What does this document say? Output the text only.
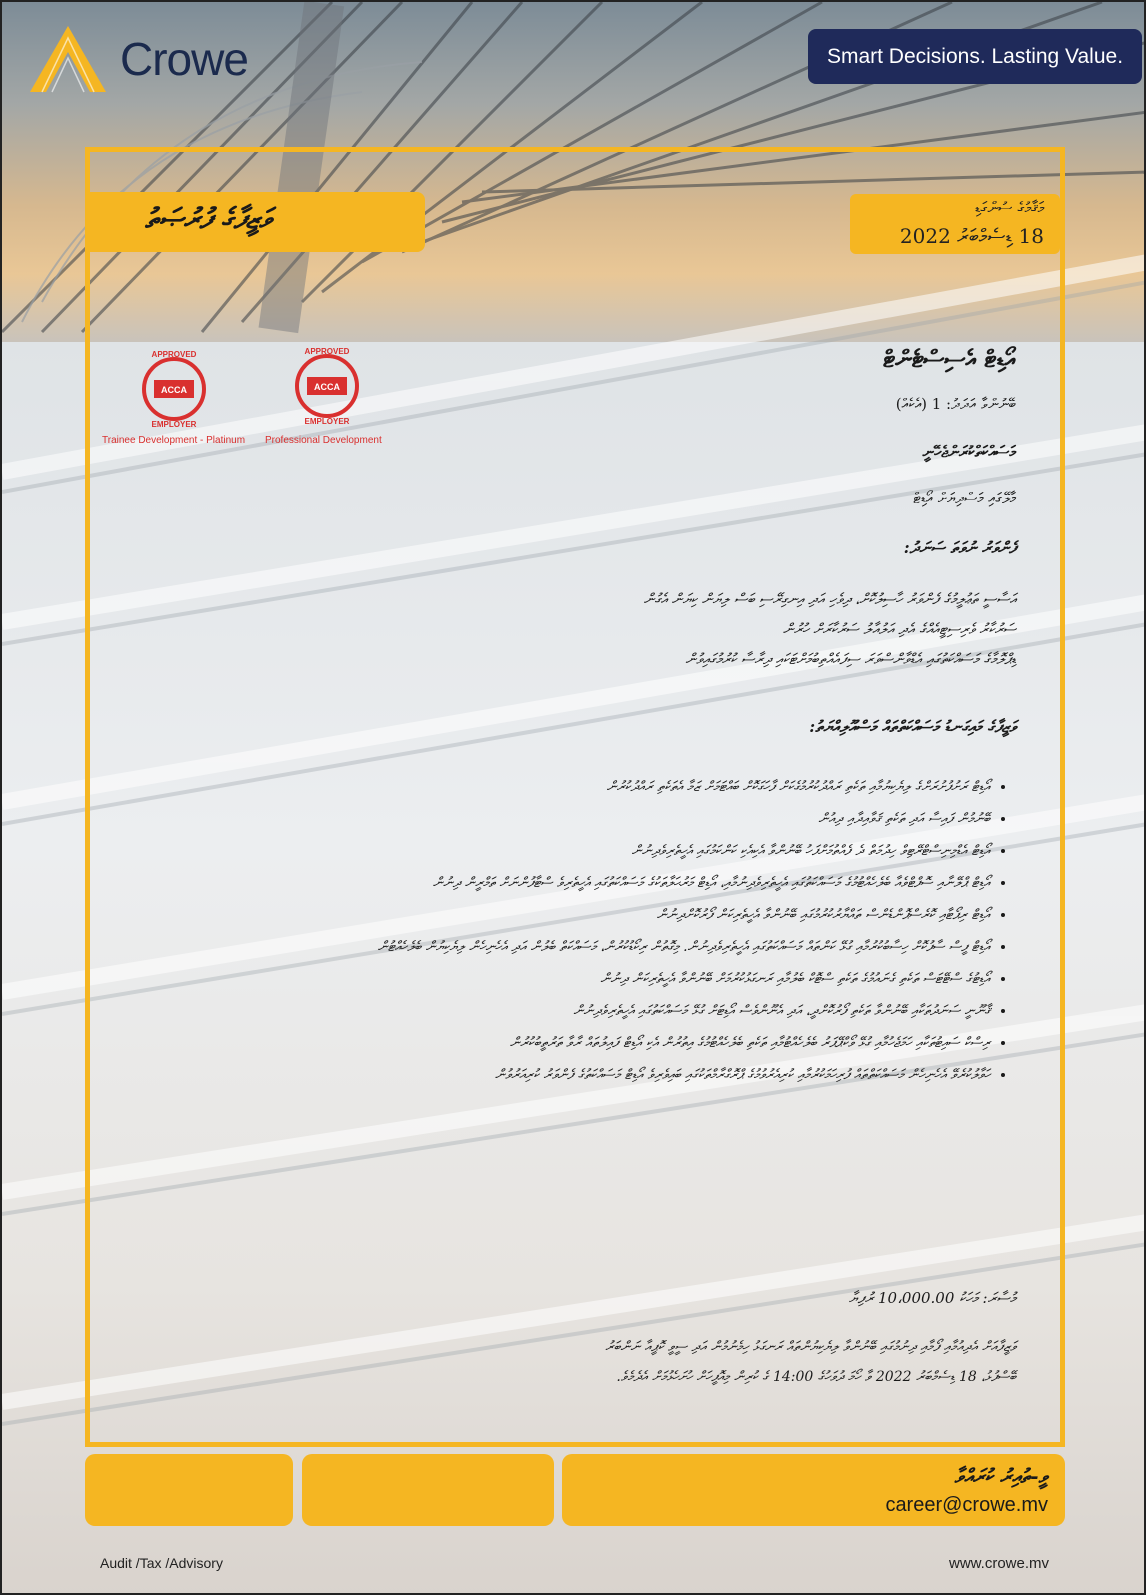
Crowe	Smart Decisions. Lasting Value.
ވަޒީފާގެ ފުރުޞަތު	މަޤާމުގެ ސުންގަޑި
18 ޑިސެމްބަރު 2022
ACCA
APPROVED
EMPLOYER
Trainee Development - Platinum
ACCA
APPROVED
EMPLOYER
Professional Development
އޯޑިޓް އެސިސްޓެންޓް
ބޭނުންވާ އަދަދު: 1 (އެކެއް)
މަސައްކަތްކުރަންޖެހޭނީ
މާލޭގައި މަސްދިޔަށް އޯޑިޓް
ފެންވަރު ނުވަތަ ސަނަދު:
އަސާސީ ތަޢުލީމުގެ ފެންވަރު ހާސިލުކޮށް، ދިވެހި އަދި އިނގިރޭސި ބަސް ލިޔަން ކިޔަން އެގުން
ސަރުކާރު ވެރިސިޓީއެއްގެ އެދި އަލުއާލު ސަރުކާރަށް ހުރުން
ޑިޕްލޮމާގެ މަސައްކަތުގައި އެޑްވާންސްވަރަ ސިފައެއްތިބުމަށްޓަކައި ދިރާސާ ކުރުމުގައިވުން
ވަޒީފާގެ މައިގަނޑު މަސައްކަތްތައް މަސްއޫލިއްޔަތު:
• އޯޑިޓް ރަށުފުށުރަށްގެ ލިޔެކިޔުމާއި ތަކެތި ރައްދުކުރުމުގެކަށް ފާހަގަކޮށް ބައްޓަމަށް ޒަމާ އެތަކެތި ރައްދުކުރުން
• ބޭނުމުން ފައިސާ އަދި ތަކެތި ޤަވާއިދާއި ދިއުން
• އޯޑިޓް އެޑްމިނިސްޓްރޭޓިވް ހިދުމަތް ދެ ފެއްތުމަށްފަހު ބޭނުންވާ އެކިއެކި ކަންކަމުގައި އެހީތެރިވެދިނުން
• އޯޑިޓް ޕްލޭނާއި ސޮފްޓްވެއާ ބެލެހެއްޓުމުގެ މަސައްކަތުގައި އެހީތެރިވެދިނުމާއި، އޯޑިޓް މަރުޙަލާތަކުގެ މަސައްކަތުގައި އެހީތެރިވެ ސްޓާފުންނަށް ތަމްރީން ދިނުން
• އޯޑިޓް ރިޕޯޓާއި ކޮރެސްޕޮންޑެންސް ތައްޔާރުކުރުމުގައި ބޭނުންވާ އެހީތެރިކަން ފޯރުކޮށްދިނުން
• އޯޑިޓް ފީސް ސާފުކޮށް ހިސާބުކުރުމާއި ގުޅޭ ކަންތައް މަސައްކަތުގައި އެހީތެރިވެދިނުން. މިގޮތުން ރިކޯޑުކުރުން، މަސައްކަތް ބެލުން އަދި އެހެނިހެން ލިޔެކިޔުން ބެލެހެއްޓުން
• އޯޑިޓުގެ ސްޓޭޓަސް ތަކެތި ގެނައުމުގެ ތަކެތި ސްޓޮކް ބެލުމާއި ރަނގަޅުކުރުމަށް ބޭނުންވާ އެހީތެރިކަން ދިނުން
• ޤާނޫނީ ސަނަދުތަކާއި ބޭނުންވާ ތަކެތި ފޯރުކޮށްދީ، އަދި އެނޫންވެސް އޯޑިޓަށް ގުޅޭ މަސައްކަތުގައި އެހީތެރިވެދިނުން
• ރިސްކް ސައިޓުތަކާއި ހަމަޖެހުމާއި ގުޅޭ ވޯކްޕޭޕަރު ބެލެހެއްޓުމާއި ތަކެތި ބެލެހެއްޓުމުގެ އިތުރުން އެކި އޯޑިޓް ފައިލުތައް ރާވާ ތަރުތީބުކުރުން
• ހަވާލުކުރެވޭ އެހެނިހެން މަސައްކަތްތައް ފުރިހަމަކުރުމާއި ކުރިއެރުވުމުގެ ޕްރޮގްރާމްތަކުގައި ބައިވެރިވެ އޯޑިޓް މަސައްކަތުގެ ފެންވަރު ކުރިއަރުވުން
މުސާރަ: މަހަކު 10،000.00 ރުފިޔާ
ވަޒީފާއަށް އެދިއުމާއި ފޯމާއި ދިނުމުގައި ބޭނުންވާ ލިޔެކިޔުންތައް ރަނގަޅު ހިމެނުމުން އަދި ސީވީ ކޮޕީއާ ނަންބަރު
ބޭސްފުޅު، 18 ޑިސެމްބަރު 2022 ވާ ހޯމަ ދުވަހުގެ 14:00 ގެ ކުރިން މިއޮފީހަށް ހުށަހެޅުމަށް އެދެމެވެ.
ވީ-ތުއިރު ކުރައްވާ
career@crowe.mv
Audit /Tax /Advisory	www.crowe.mv
